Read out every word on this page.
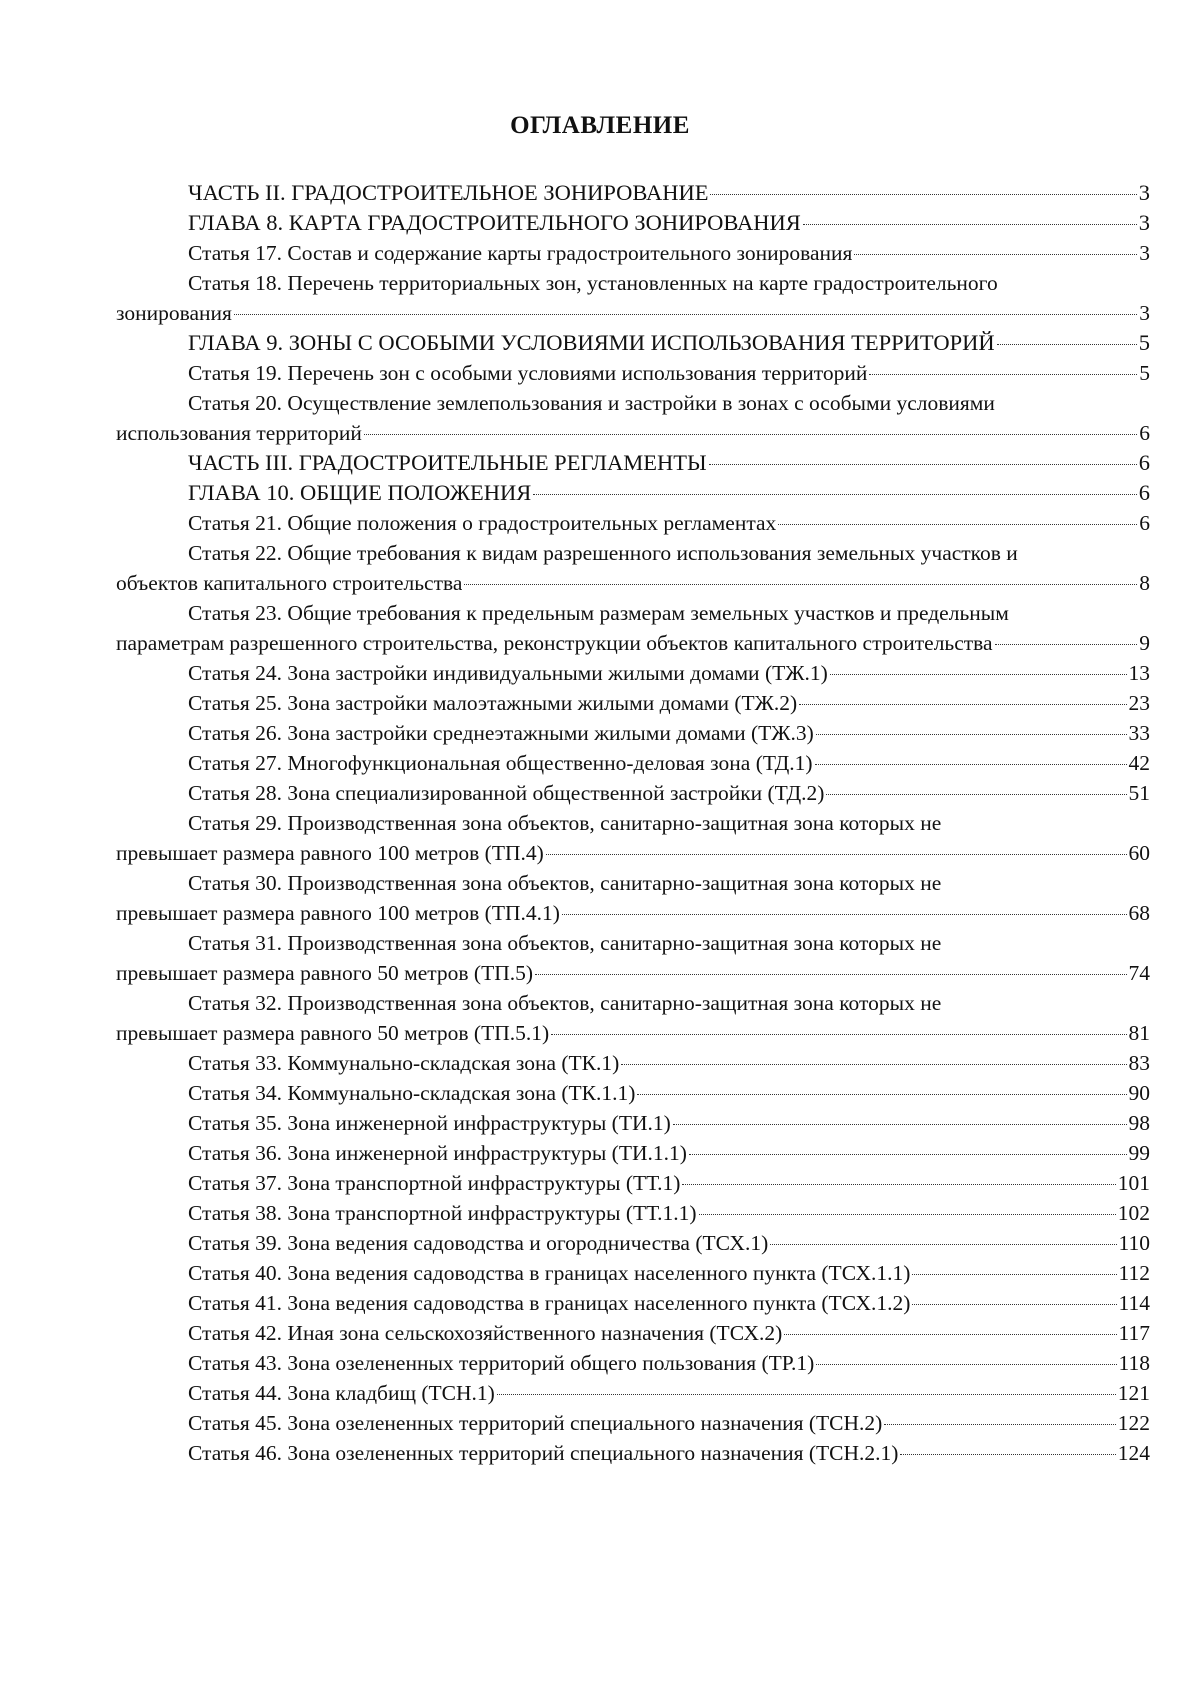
ОГЛАВЛЕНИЕ
ЧАСТЬ II. ГРАДОСТРОИТЕЛЬНОЕ ЗОНИРОВАНИЕ	3
ГЛАВА 8. КАРТА ГРАДОСТРОИТЕЛЬНОГО ЗОНИРОВАНИЯ	3
Статья 17. Состав и содержание карты градостроительного зонирования	3
Статья 18. Перечень территориальных зон, установленных на карте градостроительного
зонирования	3
ГЛАВА 9. ЗОНЫ С ОСОБЫМИ УСЛОВИЯМИ ИСПОЛЬЗОВАНИЯ ТЕРРИТОРИЙ	5
Статья 19. Перечень зон с особыми условиями использования территорий	5
Статья 20. Осуществление землепользования и застройки в зонах с особыми условиями
использования территорий	6
ЧАСТЬ III. ГРАДОСТРОИТЕЛЬНЫЕ РЕГЛАМЕНТЫ	6
ГЛАВА 10. ОБЩИЕ ПОЛОЖЕНИЯ	6
Статья 21. Общие положения о градостроительных регламентах	6
Статья 22. Общие требования к видам разрешенного использования земельных участков и
объектов капитального строительства	8
Статья 23. Общие требования к предельным размерам земельных участков и предельным
параметрам разрешенного строительства, реконструкции объектов капитального строительства	9
Статья 24. Зона застройки индивидуальными жилыми домами (ТЖ.1)	13
Статья 25. Зона застройки малоэтажными жилыми домами (ТЖ.2)	23
Статья 26. Зона застройки среднеэтажными жилыми домами (ТЖ.3)	33
Статья 27. Многофункциональная общественно-деловая зона (ТД.1)	42
Статья 28. Зона специализированной общественной застройки (ТД.2)	51
Статья 29. Производственная зона объектов, санитарно-защитная зона которых не
превышает размера равного 100 метров (ТП.4)	60
Статья 30. Производственная зона объектов, санитарно-защитная зона которых не
превышает размера равного 100 метров (ТП.4.1)	68
Статья 31. Производственная зона объектов, санитарно-защитная зона которых не
превышает размера равного 50 метров (ТП.5)	74
Статья 32. Производственная зона объектов, санитарно-защитная зона которых не
превышает размера равного 50 метров (ТП.5.1)	81
Статья 33. Коммунально-складская зона (ТК.1)	83
Статья 34. Коммунально-складская зона (ТК.1.1)	90
Статья 35. Зона инженерной инфраструктуры (ТИ.1)	98
Статья 36. Зона инженерной инфраструктуры (ТИ.1.1)	99
Статья 37. Зона транспортной инфраструктуры (ТТ.1)	101
Статья 38. Зона транспортной инфраструктуры (ТТ.1.1)	102
Статья 39. Зона ведения садоводства и огородничества (ТСХ.1)	110
Статья 40. Зона ведения садоводства в границах населенного пункта (ТСХ.1.1)	112
Статья 41. Зона ведения садоводства в границах населенного пункта (ТСХ.1.2)	114
Статья 42. Иная зона сельскохозяйственного назначения (ТСХ.2)	117
Статья 43. Зона озелененных территорий общего пользования (ТР.1)	118
Статья 44. Зона кладбищ (ТСН.1)	121
Статья 45. Зона озелененных территорий специального назначения (ТСН.2)	122
Статья 46. Зона озелененных территорий специального назначения (ТСН.2.1)	124
